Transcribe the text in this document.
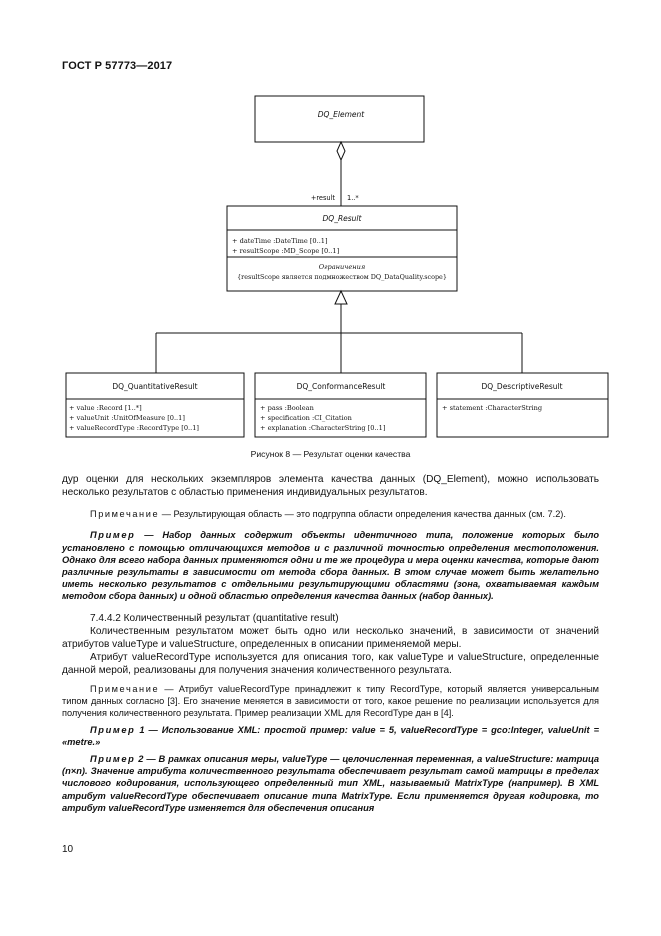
ГОСТ Р 57773—2017

DQ_Element
+result 1..*
DQ_Result
+ dateTime :DateTime [0..1]
+ resultScope :MD_Scope [0..1]
Ограничения
{resultScope является подмножеством DQ_DataQuality.scope}
DQ_QuantitativeResult
+ value :Record [1..*]
+ valueUnit :UnitOfMeasure [0..1]
+ valueRecordType :RecordType [0..1]
DQ_ConformanceResult
+ pass :Boolean
+ specification :CI_Citation
+ explanation :CharacterString [0..1]
DQ_DescriptiveResult
+ statement :CharacterString

Рисунок 8 — Результат оценки качества

дур оценки для нескольких экземпляров элемента качества данных (DQ_Element), можно использовать несколько результатов с областью применения индивидуальных результатов.

Примечание — Результирующая область — это подгруппа области определения качества данных (см. 7.2).

Пример — Набор данных содержит объекты идентичного типа, положение которых было установлено с помощью отличающихся методов и с различной точностью определения местоположения. Однако для всего набора данных применяются одни и те же процедура и мера оценки качества, которые дают различные результаты в зависимости от метода сбора данных. В этом случае может быть желательно иметь несколько результатов с отдельными результирующими областями (зона, охватываемая каждым методом сбора данных) и одной областью определения качества данных (набор данных).

7.4.4.2 Количественный результат (quantitative result)

Количественным результатом может быть одно или несколько значений, в зависимости от значений атрибутов valueType и valueStructure, определенных в описании применяемой меры.

Атрибут valueRecordType используется для описания того, как valueType и valueStructure, определенные данной мерой, реализованы для получения значения количественного результата.

Примечание — Атрибут valueRecordType принадлежит к типу RecordType, который является универсальным типом данных согласно [3]. Его значение меняется в зависимости от того, какое решение по реализации используется для получения количественного результата. Пример реализации XML для RecordType дан в [4].

Пример 1 — Использование XML: простой пример: value = 5, valueRecordType = gco:Integer, valueUnit = «metre.»

Пример 2 — В рамках описания меры, valueType — целочисленная переменная, а valueStructure: матрица (n×n). Значение атрибута количественного результата обеспечивает результат самой матрицы в пределах числового кодирования, использующего определенный тип XML, называемый MatrixType (например). В XML атрибут valueRecordType обеспечивает описание типа MatrixType. Если применяется другая кодировка, то атрибут valueRecordType изменяется для обеспечения описания

10
